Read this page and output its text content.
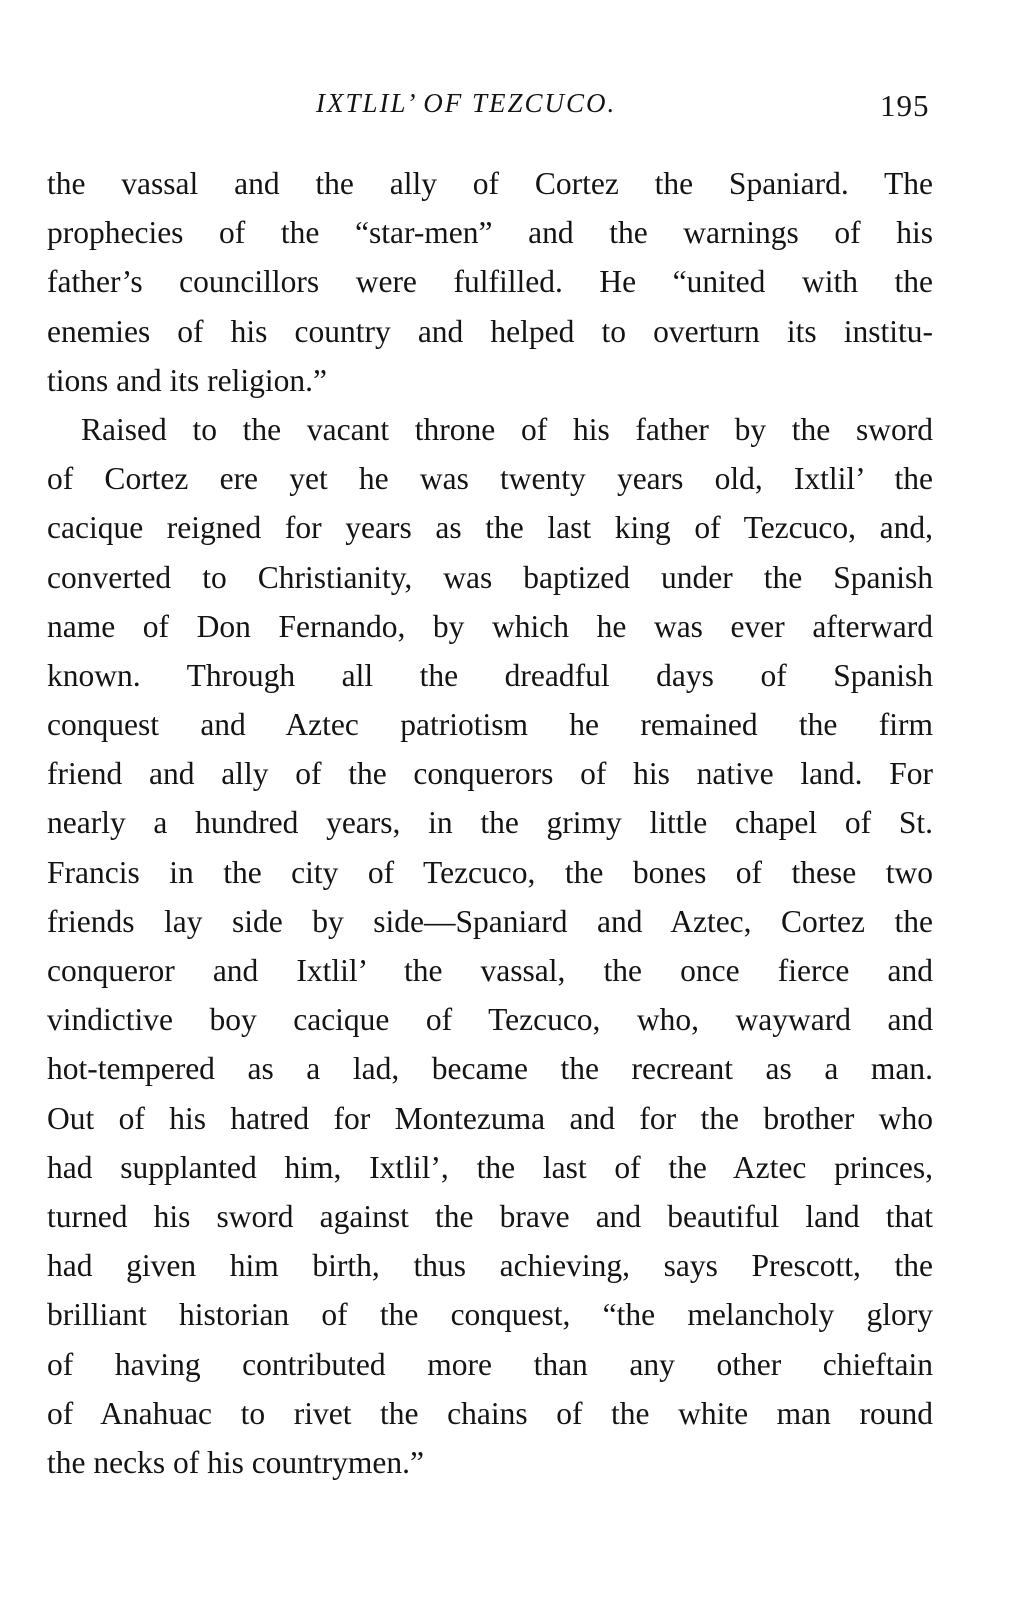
IXTLIL’ OF TEZCUCO.	195
the vassal and the ally of Cortez the Spaniard. The
prophecies of the “star-men” and the warnings of his
father’s councillors were fulfilled. He “united with the
enemies of his country and helped to overturn its institu-
tions and its religion.”
Raised to the vacant throne of his father by the sword
of Cortez ere yet he was twenty years old, Ixtlil’ the
cacique reigned for years as the last king of Tezcuco, and,
converted to Christianity, was baptized under the Spanish
name of Don Fernando, by which he was ever afterward
known. Through all the dreadful days of Spanish
conquest and Aztec patriotism he remained the firm
friend and ally of the conquerors of his native land. For
nearly a hundred years, in the grimy little chapel of St.
Francis in the city of Tezcuco, the bones of these two
friends lay side by side—Spaniard and Aztec, Cortez the
conqueror and Ixtlil’ the vassal, the once fierce and
vindictive boy cacique of Tezcuco, who, wayward and
hot-tempered as a lad, became the recreant as a man.
Out of his hatred for Montezuma and for the brother who
had supplanted him, Ixtlil’, the last of the Aztec princes,
turned his sword against the brave and beautiful land that
had given him birth, thus achieving, says Prescott, the
brilliant historian of the conquest, “the melancholy glory
of having contributed more than any other chieftain
of Anahuac to rivet the chains of the white man round
the necks of his countrymen.”
